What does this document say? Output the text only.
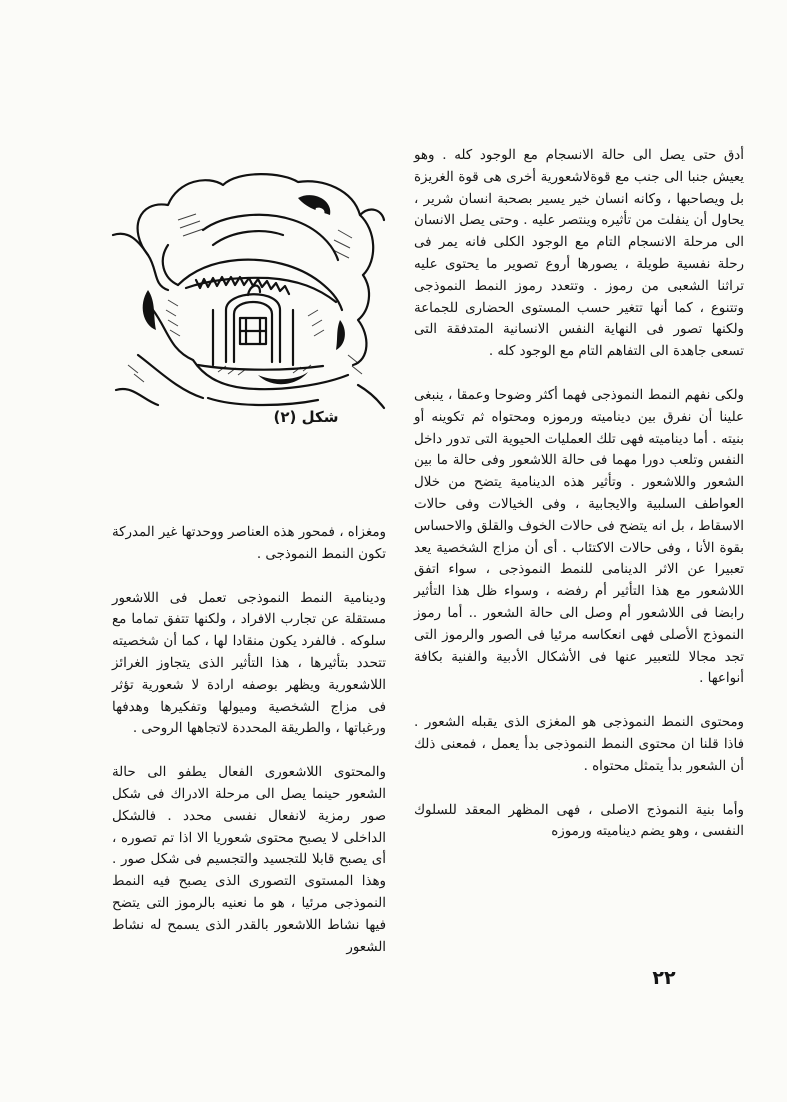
شكل (٢)

أدق حتى يصل الى حالة الانسجام مع الوجود كله . وهو يعيش جنبا الى جنب مع قوةلاشعورية أخرى هى قوة الغريزة بل ويصاحبها ، وكانه انسان خير يسير بصحبة انسان شرير ، يحاول أن ينفلت من تأثيره وينتصر عليه . وحتى يصل الانسان الى مرحلة الانسجام التام مع الوجود الكلى فانه يمر فى رحلة نفسية طويلة ، يصورها أروع تصوير ما يحتوى عليه تراثنا الشعبى من رموز . وتتعدد رموز النمط النموذجى وتتنوع ، كما أنها تتغير حسب المستوى الحضارى للجماعة ولكنها تصور فى النهاية النفس الانسانية المتدفقة التى تسعى جاهدة الى التفاهم التام مع الوجود كله .

ولكى نفهم النمط النموذجى فهما أكثر وضوحا وعمقا ، ينبغى علينا أن نفرق بين ديناميته ورموزه ومحتواه ثم تكوينه أو بنيته . أما ديناميته فهى تلك العمليات الحيوية التى تدور داخل النفس وتلعب دورا مهما فى حالة اللاشعور وفى حالة ما بين الشعور واللاشعور . وتأثير هذه الدينامية يتضح من خلال العواطف السلبية والايجابية ، وفى الخيالات وفى حالات الاسقاط ، بل انه يتضح فى حالات الخوف والقلق والاحساس بقوة الأنا ، وفى حالات الاكتئاب . أى أن مزاج الشخصية يعد تعبيرا عن الاثر الدينامى للنمط النموذجى ، سواء اتفق اللاشعور مع هذا التأثير أم رفضه ، وسواء ظل هذا التأثير رابضا فى اللاشعور أم وصل الى حالة الشعور .. أما رموز النموذج الأصلى فهى انعكاسه مرئيا فى الصور والرموز التى تجد مجالا للتعبير عنها فى الأشكال الأدبية والفنية بكافة أنواعها .

ومحتوى النمط النموذجى هو المغزى الذى يقبله الشعور . فاذا قلنا ان محتوى النمط النموذجى بدأ يعمل ، فمعنى ذلك أن الشعور بدأ يتمثل محتواه .

وأما بنية النموذج الاصلى ، فهى المظهر المعقد للسلوك النفسى ، وهو يضم ديناميته ورموزه

ومغزاه ، فمحور هذه العناصر ووحدتها غير المدركة تكون النمط النموذجى .

ودينامية النمط النموذجى تعمل فى اللاشعور مستقلة عن تجارب الافراد ، ولكنها تتفق تماما مع سلوكه . فالفرد يكون منقادا لها ، كما أن شخصيته تتحدد بتأثيرها ، هذا التأثير الذى يتجاوز الغرائز اللاشعورية ويظهر بوصفه ارادة لا شعورية تؤثر فى مزاج الشخصية وميولها وتفكيرها وهدفها ورغباتها ، والطريقة المحددة لاتجاهها الروحى .

والمحتوى اللاشعورى الفعال يطفو الى حالة الشعور حينما يصل الى مرحلة الادراك فى شكل صور رمزية لانفعال نفسى محدد . فالشكل الداخلى لا يصبح محتوى شعوريا الا اذا تم تصوره ، أى يصبح قابلا للتجسيد والتجسيم فى شكل صور . وهذا المستوى التصورى الذى يصبح فيه النمط النموذجى مرئيا ، هو ما نعنيه بالرموز التى يتضح فيها نشاط اللاشعور بالقدر الذى يسمح له نشاط الشعور

٢٢
